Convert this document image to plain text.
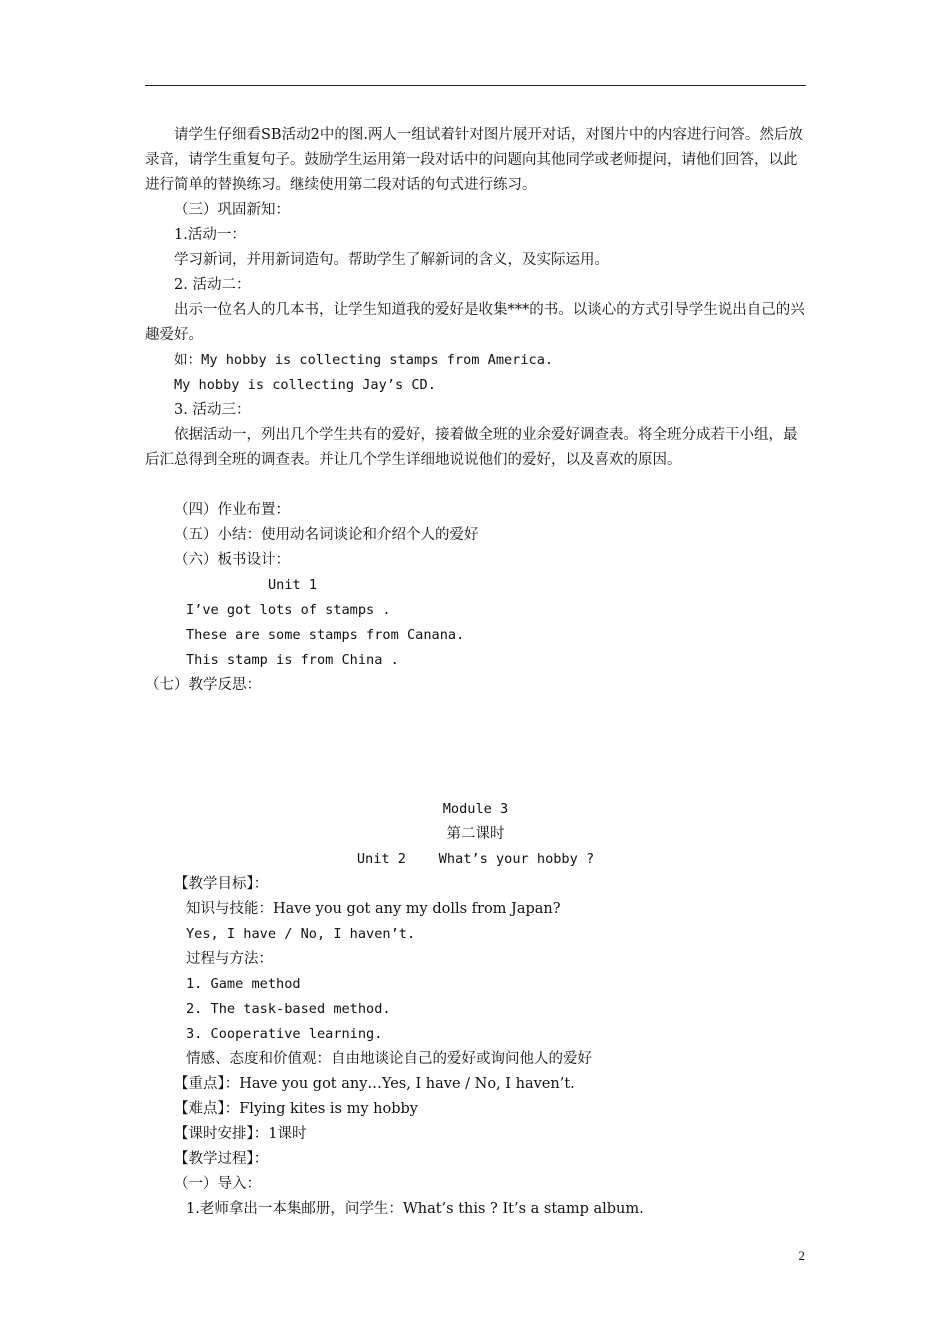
请学生仔细看SB活动2中的图.两人一组试着针对图片展开对话，对图片中的内容进行问答。然后放录音，请学生重复句子。鼓励学生运用第一段对话中的问题向其他同学或老师提问，请他们回答，以此进行简单的替换练习。继续使用第二段对话的句式进行练习。
（三）巩固新知：
1.活动一：
学习新词，并用新词造句。帮助学生了解新词的含义，及实际运用。
2. 活动二：
出示一位名人的几本书，让学生知道我的爱好是收集***的书。以谈心的方式引导学生说出自己的兴趣爱好。
如：My hobby is collecting stamps from America.
My hobby is collecting Jay’s CD.
3. 活动三：
依据活动一，列出几个学生共有的爱好，接着做全班的业余爱好调查表。将全班分成若干小组，最后汇总得到全班的调查表。并让几个学生详细地说说他们的爱好，以及喜欢的原因。
（四）作业布置：
（五）小结：使用动名词谈论和介绍个人的爱好
（六）板书设计：
Unit 1
I’ve got lots of stamps .
These are some stamps from Canana.
This stamp is from China .
（七）教学反思：
Module 3
第二课时
Unit 2    What’s your hobby ?
【教学目标】：
知识与技能：Have you got any my dolls from Japan?
Yes, I have / No, I haven’t.
过程与方法：
1. Game method
2. The task-based method.
3. Cooperative learning.
情感、态度和价值观：自由地谈论自己的爱好或询问他人的爱好
【重点】：Have you got any…Yes, I have / No, I haven’t.
【难点】：Flying kites is my hobby
【课时安排】：1课时
【教学过程】：
（一）导入：
1.老师拿出一本集邮册，问学生：What’s this ? It’s a stamp album.
2
